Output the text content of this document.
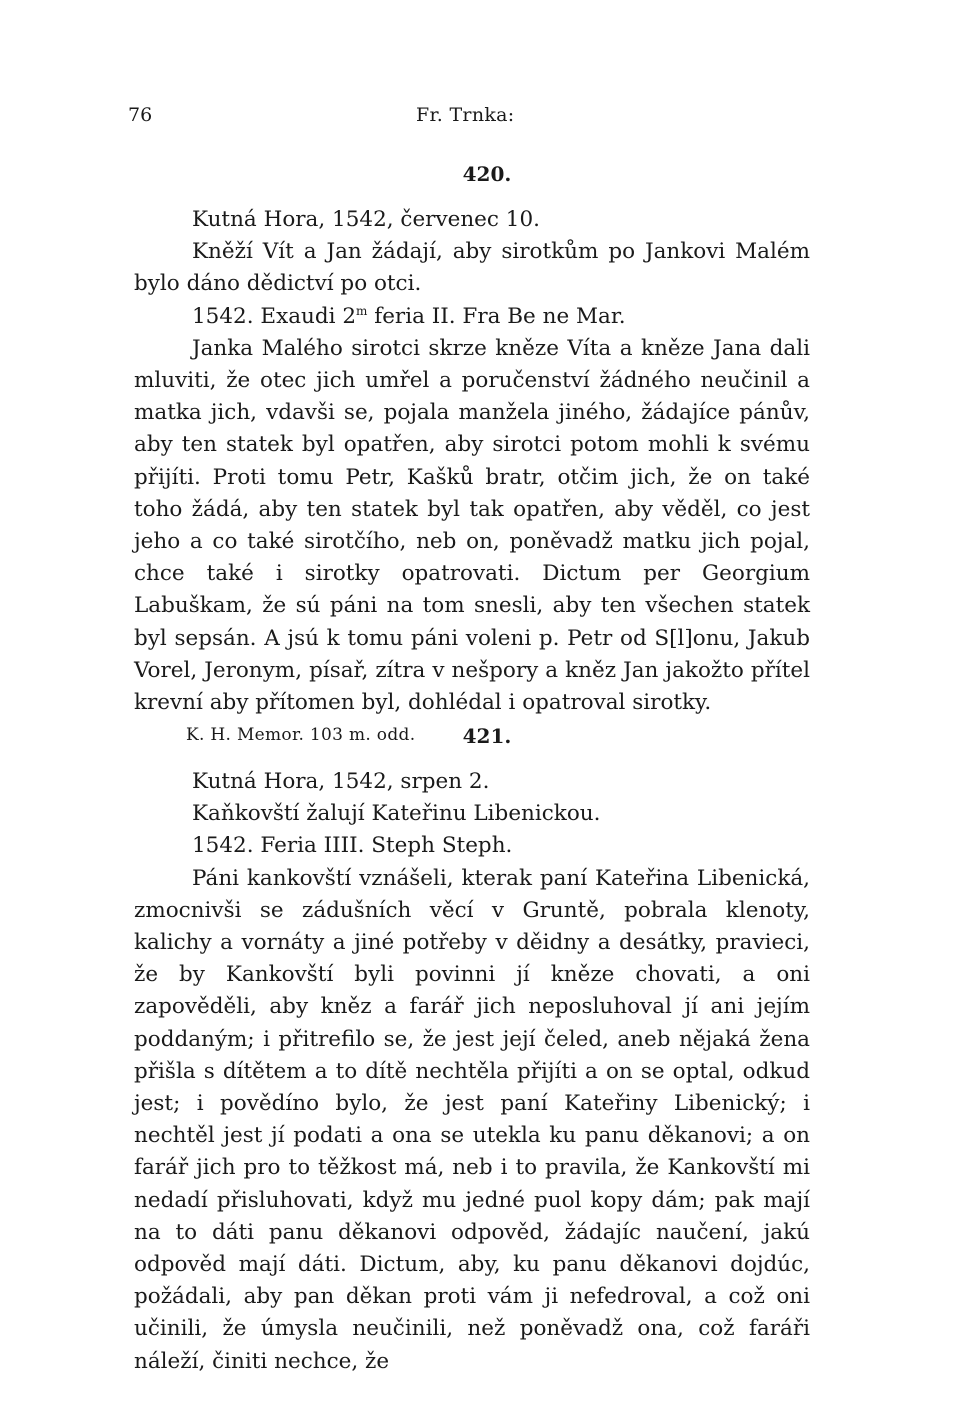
76	Fr. Trnka:
420.

Kutná Hora, 1542, červenec 10.

Kněží Vít a Jan žádají, aby sirotkům po Jankovi Malém bylo dáno dědictví po otci.

1542. Exaudi 2$^m$ feria II. Fra Be ne Mar.

Janka Malého sirotci skrze kněze Víta a kněze Jana dali mluviti, že otec jich umřel a poručenství žádného neučinil a matka jich, vdavši se, pojala manžela jiného, žádajíce pánův, aby ten statek byl opatřen, aby sirotci potom mohli k svému přijíti. Proti tomu Petr, Kašků bratr, otčim jich, že on také toho žádá, aby ten statek byl tak opatřen, aby věděl, co jest jeho a co také sirotčího, neb on, poněvadž matku jich pojal, chce také i sirotky opatrovati. Dictum per Georgium Labuškam, že sú páni na tom snesli, aby ten všechen statek byl sepsán. A jsú k tomu páni voleni p. Petr od S[l]onu, Jakub Vorel, Jeronym, písař, zítra v nešpory a kněz Jan jakožto přítel krevní aby přítomen byl, dohlédal i opatroval sirotky.

K. H. Memor. 103 m. odd.	421.

Kutná Hora, 1542, srpen 2.

Kaňkovští žalují Kateřinu Libenickou.

1542. Feria IIII. Steph Steph.

Páni kankovští vznášeli, kterak paní Kateřina Libenická, zmocnivši se zádušních věcí v Gruntě, pobrala klenoty, kalichy a vornáty a jiné potřeby v děidny a desátky, pravieci, že by Kankovští byli povinni jí kněze chovati, a oni zapověděli, aby kněz a farář jich neposluhoval jí ani jejím poddaným; i přitrefilo se, že jest její čeled, aneb nějaká žena přišla s dítětem a to dítě nechtěla přijíti a on se optal, odkud jest; i povědíno bylo, že jest paní Kateřiny Libenický; i nechtěl jest jí podati a ona se utekla ku panu děkanovi; a on farář jich pro to těžkost má, neb i to pravila, že Kankovští mi nedadí přisluhovati, když mu jedné puol kopy dám; pak mají na to dáti panu děkanovi odpověd, žádajíc naučení, jakú odpověd mají dáti. Dictum, aby, ku panu děkanovi dojdúc, požádali, aby pan děkan proti vám ji nefedroval, a což oni učinili, že úmysla neučinili, než poněvadž ona, což faráři náleží, činiti nechce, že
